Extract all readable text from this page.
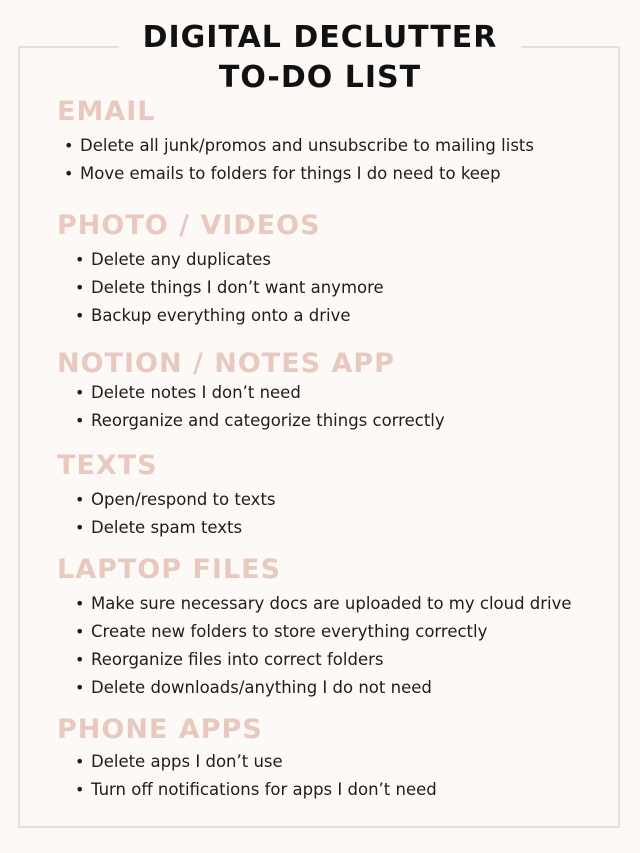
DIGITAL DECLUTTER
TO-DO LIST
EMAIL
• Delete all junk/promos and unsubscribe to mailing lists
• Move emails to folders for things I do need to keep
PHOTO / VIDEOS
• Delete any duplicates
• Delete things I don’t want anymore
• Backup everything onto a drive
NOTION / NOTES APP
• Delete notes I don’t need
• Reorganize and categorize things correctly
TEXTS
• Open/respond to texts
• Delete spam texts
LAPTOP FILES
• Make sure necessary docs are uploaded to my cloud drive
• Create new folders to store everything correctly
• Reorganize files into correct folders
• Delete downloads/anything I do not need
PHONE APPS
• Delete apps I don’t use
• Turn off notifications for apps I don’t need
